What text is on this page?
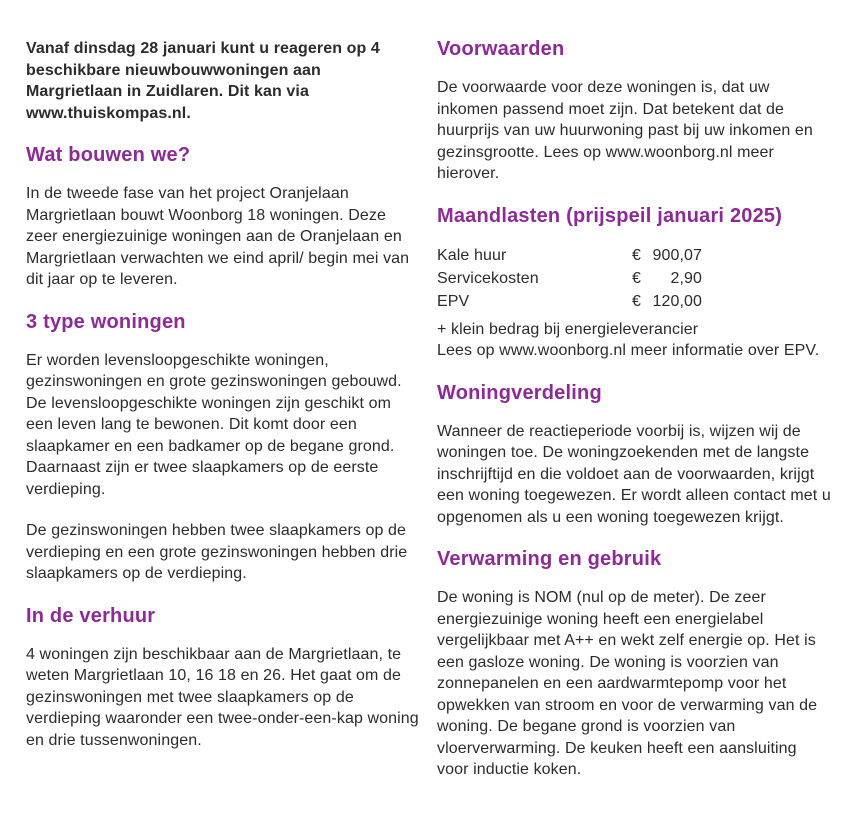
Vanaf dinsdag 28 januari kunt u reageren op 4 beschikbare nieuwbouwwoningen aan Margrietlaan in Zuidlaren. Dit kan via www.thuiskompas.nl.

Wat bouwen we?

In de tweede fase van het project Oranjelaan Margrietlaan bouwt Woonborg 18 woningen. Deze zeer energiezuinige woningen aan de Oranjelaan en Margrietlaan verwachten we eind april/ begin mei van dit jaar op te leveren.

3 type woningen

Er worden levensloopgeschikte woningen, gezinswoningen en grote gezinswoningen gebouwd. De levensloopgeschikte woningen zijn geschikt om een leven lang te bewonen. Dit komt door een slaapkamer en een badkamer op de begane grond. Daarnaast zijn er twee slaapkamers op de eerste verdieping.

De gezinswoningen hebben twee slaapkamers op de verdieping en een grote gezinswoningen hebben drie slaapkamers op de verdieping.

In de verhuur

4 woningen zijn beschikbaar aan de Margrietlaan, te weten Margrietlaan 10, 16 18 en 26. Het gaat om de gezinswoningen met twee slaapkamers op de verdieping waaronder een twee-onder-een-kap woning en drie tussenwoningen.

Voorwaarden

De voorwaarde voor deze woningen is, dat uw inkomen passend moet zijn. Dat betekent dat de huurprijs van uw huurwoning past bij uw inkomen en gezinsgrootte. Lees op www.woonborg.nl meer hierover.

Maandlasten (prijspeil januari 2025)
Kale huur	€ 900,07
Servicekosten	€	2,90
EPV	€ 120,00

+ klein bedrag bij energieleverancier

Lees op www.woonborg.nl meer informatie over EPV.

Woningverdeling

Wanneer de reactieperiode voorbij is, wijzen wij de woningen toe. De woningzoekenden met de langste inschrijftijd en die voldoet aan de voorwaarden, krijgt een woning toegewezen. Er wordt alleen contact met u opgenomen als u een woning toegewezen krijgt.

Verwarming en gebruik

De woning is NOM (nul op de meter). De zeer energiezuinige woning heeft een energielabel vergelijkbaar met A++ en wekt zelf energie op. Het is een gasloze woning. De woning is voorzien van zonnepanelen en een aardwarmtepomp voor het opwekken van stroom en voor de verwarming van de woning. De begane grond is voorzien van vloerverwarming. De keuken heeft een aansluiting voor inductie koken.
